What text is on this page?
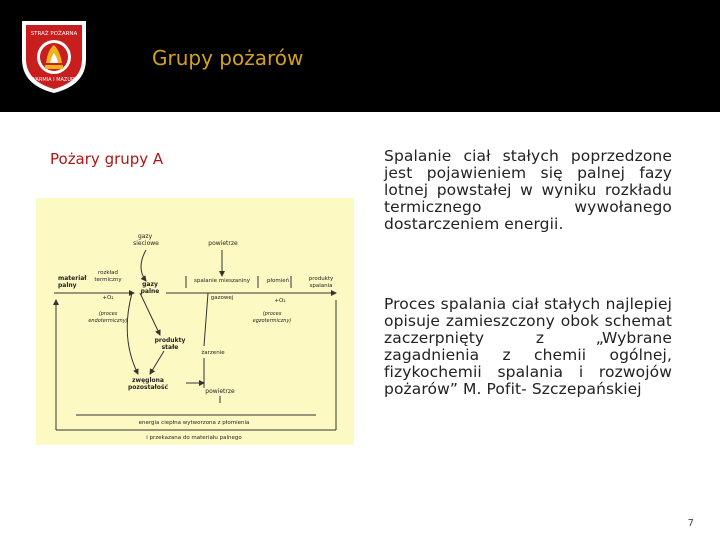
STRAŻ POŻARNA
WARMIA I MAZURY
Grupy pożarów
Pożary grupy A
gazy sieciowe	powietrze
materiał palny
rozkład termiczny
gazy palne
spalanie mieszaniny	płomień	produkty spalania
gazowej
+O₂	+O₂
(proces endotermiczny)
(proces egzotermiczny)
produkty stałe
żarzenie
zwęglona pozostałość
powietrze
energia ciepłna wytworzona z płomienia
i przekazana do materiału palnego
Spalanie ciał stałych poprzedzone jest pojawieniem się palnej fazy lotnej powstałej w wyniku rozkładu termicznego wywołanego dostarczeniem energii.
Proces spalania ciał stałych najlepiej opisuje zamieszczony obok schemat zaczerpnięty z „Wybrane zagadnienia z chemii ogólnej, fizykochemii spalania i rozwojów pożarów” M. Pofit- Szczepańskiej
7
